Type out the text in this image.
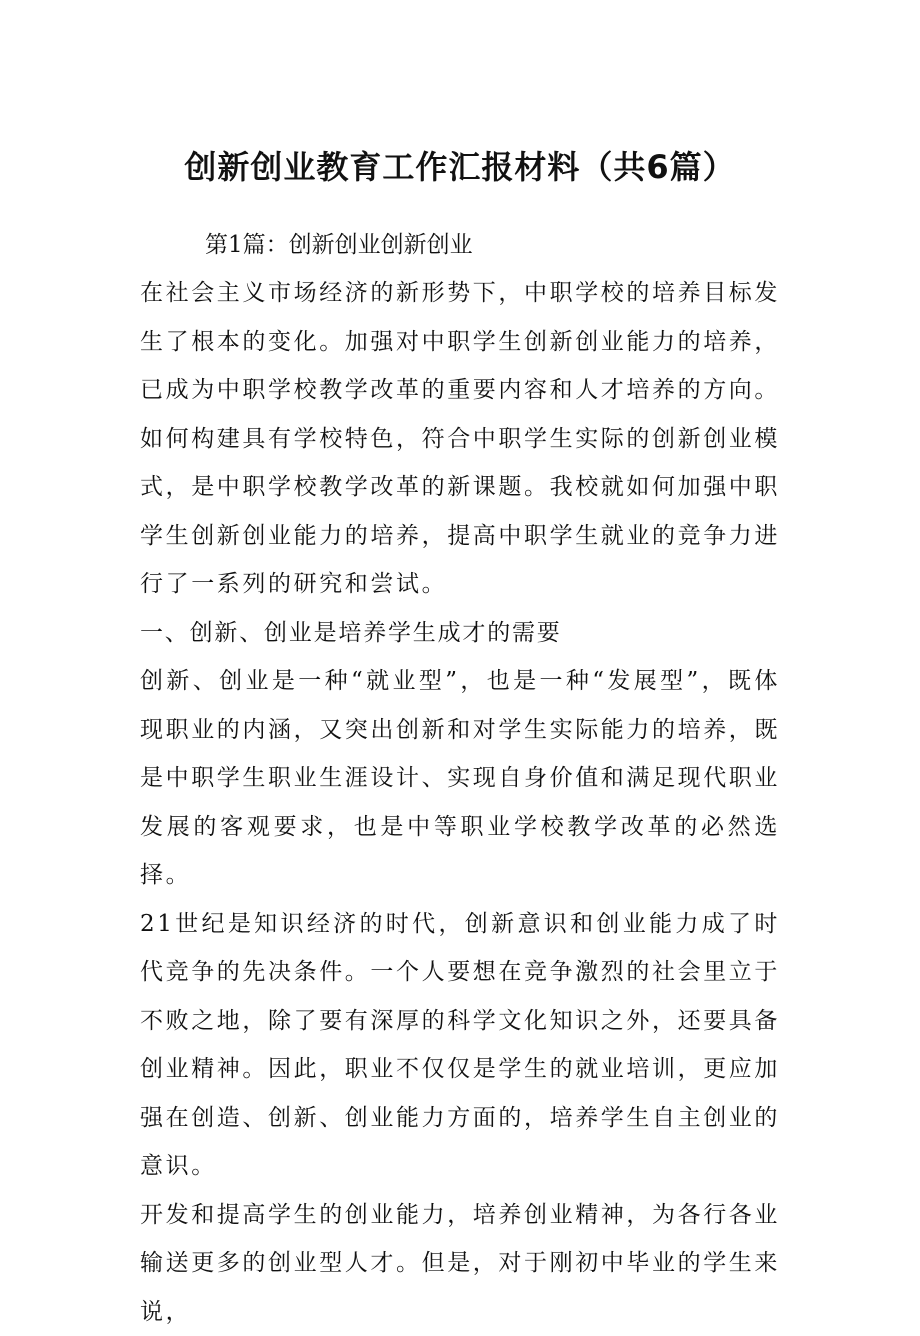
创新创业教育工作汇报材料（共6篇）

第1篇：创新创业创新创业

在社会主义市场经济的新形势下，中职学校的培养目标发生了根本的变化。加强对中职学生创新创业能力的培养，已成为中职学校教学改革的重要内容和人才培养的方向。如何构建具有学校特色，符合中职学生实际的创新创业模式，是中职学校教学改革的新课题。我校就如何加强中职学生创新创业能力的培养，提高中职学生就业的竞争力进行了一系列的研究和尝试。

一、创新、创业是培养学生成才的需要

创新、创业是一种“就业型”，也是一种“发展型”，既体现职业的内涵，又突出创新和对学生实际能力的培养，既是中职学生职业生涯设计、实现自身价值和满足现代职业发展的客观要求，也是中等职业学校教学改革的必然选择。

21世纪是知识经济的时代，创新意识和创业能力成了时代竞争的先决条件。一个人要想在竞争激烈的社会里立于不败之地，除了要有深厚的科学文化知识之外，还要具备创业精神。因此，职业不仅仅是学生的就业培训，更应加强在创造、创新、创业能力方面的，培养学生自主创业的意识。

开发和提高学生的创业能力，培养创业精神，为各行各业输送更多的创业型人才。但是，对于刚初中毕业的学生来说，
